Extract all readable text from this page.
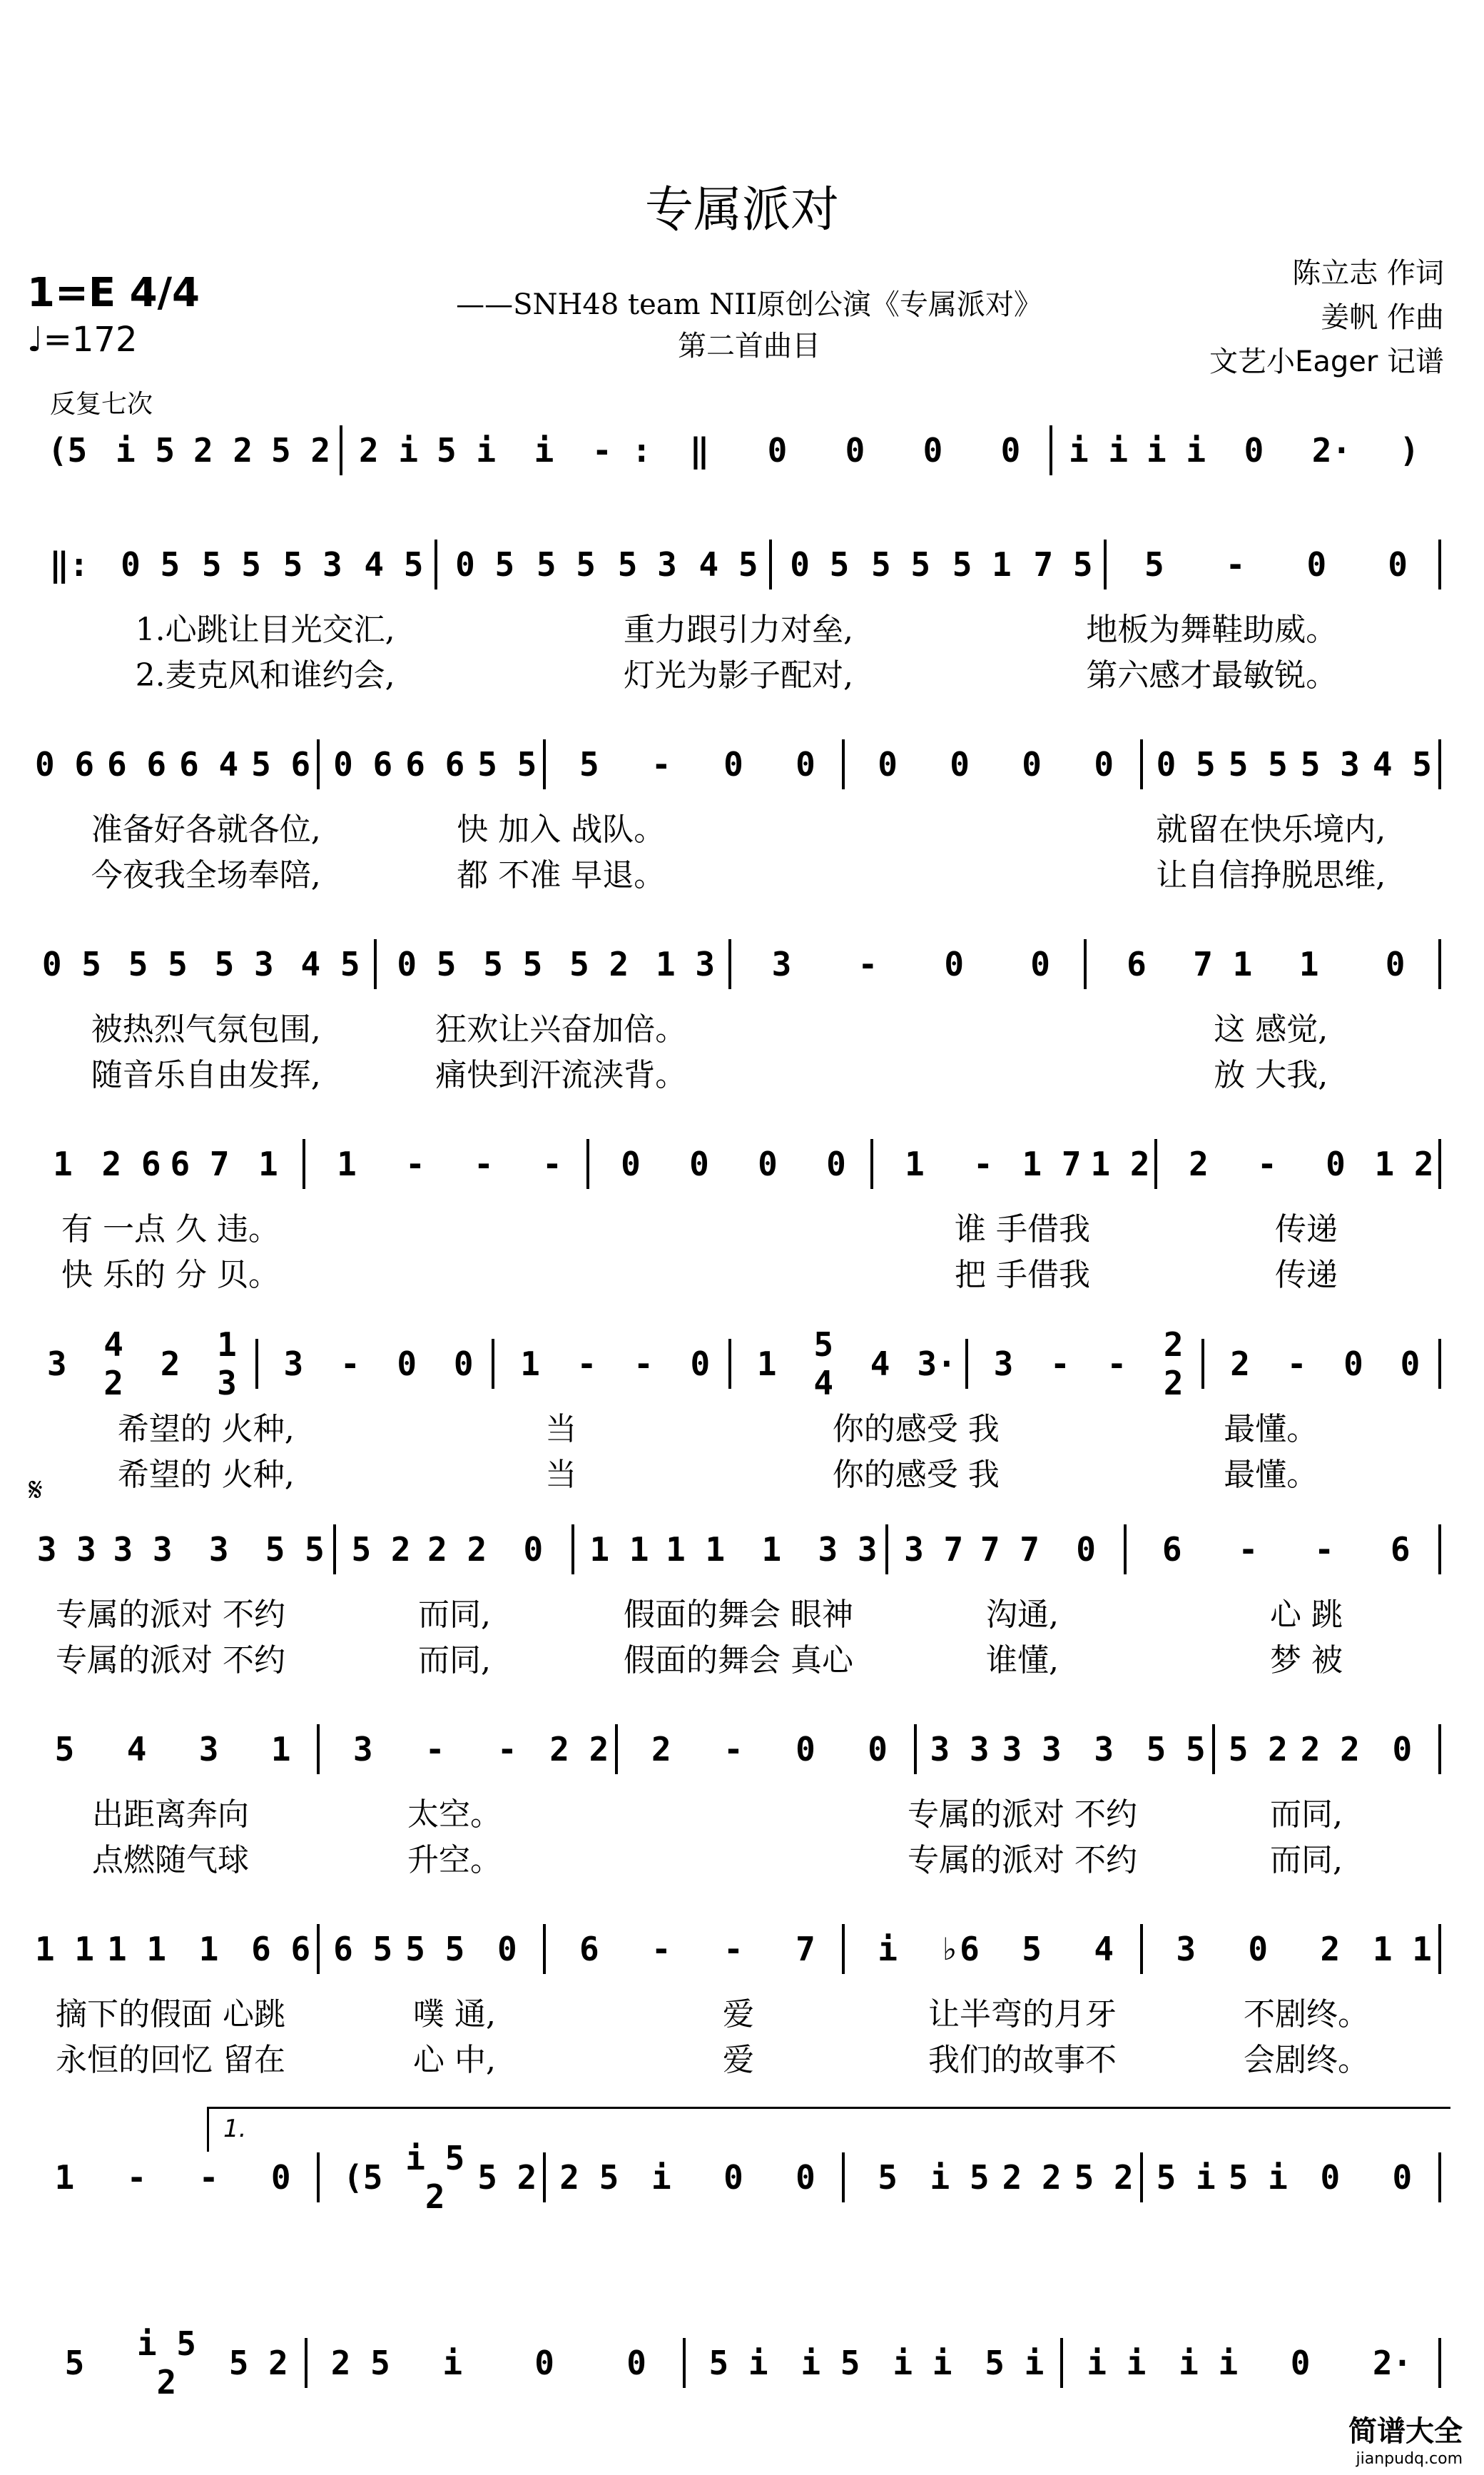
专属派对
1=E 4/4
♩=172
——SNH48 team NII原创公演《专属派对》
第二首曲目
陈立志 作词
姜帆 作曲
文艺小Eager 记谱
反复七次
𝄋
1.
(5 i 5 2 2 5 2 2 i 5 i	i	- :	‖	0	0	0	0	i i i i	0	2·	)
‖: 0 5 5 5 5 3 4 5 0 5 5 5 5 3 4 5 0 5 5 5 5 1 7 5	5	-	0	0
1.心跳让目光交汇,	重力跟引力对垒,	地板为舞鞋助威。
2.麦克风和谁约会,	灯光为影子配对,	第六感才最敏锐。
0 6 6 6 6 4 5 6 0 6 6 6 5 5	5	-	0	0	0	0	0	0	0 5 5 5 5 3 4 5
准备好各就各位,	快 加入 战队。	就留在快乐境内,
今夜我全场奉陪,	都 不准 早退。	让自信挣脱思维,
0 5 5 5 5 3 4 5	0 5 5 5 5 2 1 3	3	-	0	0	6	7 1	1	0
被热烈气氛包围,	狂欢让兴奋加倍。	这 感觉,
随音乐自由发挥,	痛快到汗流浃背。	放 大我,
1 2 6 6 7 1	1	-	-	-	0	0	0	0	1	- 1 7 1 2	2	-	0 1 2
有 一点 久 违。	谁 手借我	传递
快 乐的 分 贝。	把 手借我	传递
3	4 2	2	1 3	3	-	0	0	1	-	-	0	1	5 4	4 3·	3	-	-	2 2	2	-	0	0
希望的 火种,	当	你的感受 我	最懂。
希望的 火种,	当	你的感受 我	最懂。
3 3 3 3	3	5 5 5 2 2 2	0	1 1 1 1	1	3 3 3 7 7 7	0	6	-	-	6
专属的派对 不约	而同,	假面的舞会 眼神	沟通,	心 跳
专属的派对 不约	而同,	假面的舞会 真心	谁懂,	梦 被
5	4	3	1	3	-	- 2 2	2	-	0	0	3 3 3 3 3 5 5 5 2 2 2 0
出距离奔向	太空。	专属的派对 不约	而同,
点燃随气球	升空。	专属的派对 不约	而同,
1 1 1 1 1 6 6 6 5 5 5 0	6	-	-	7	i	♭6	5	4	3	0	2 1 1
摘下的假面 心跳	噗 通,	爱	让半弯的月牙	不剧终。
永恒的回忆 留在	心 中,	爱	我们的故事不	会剧终。
1	-	-	0	(5 i 5 2 5 2 2 5 i	0	0	5 i 5 2 2 5 2 5 i 5 i 0	0
5	i 5 2	5 2	2 5	i	0	0	5 i i 5 i i 5 i	i i i i	0	2·
简谱大全
jianpudq.com
